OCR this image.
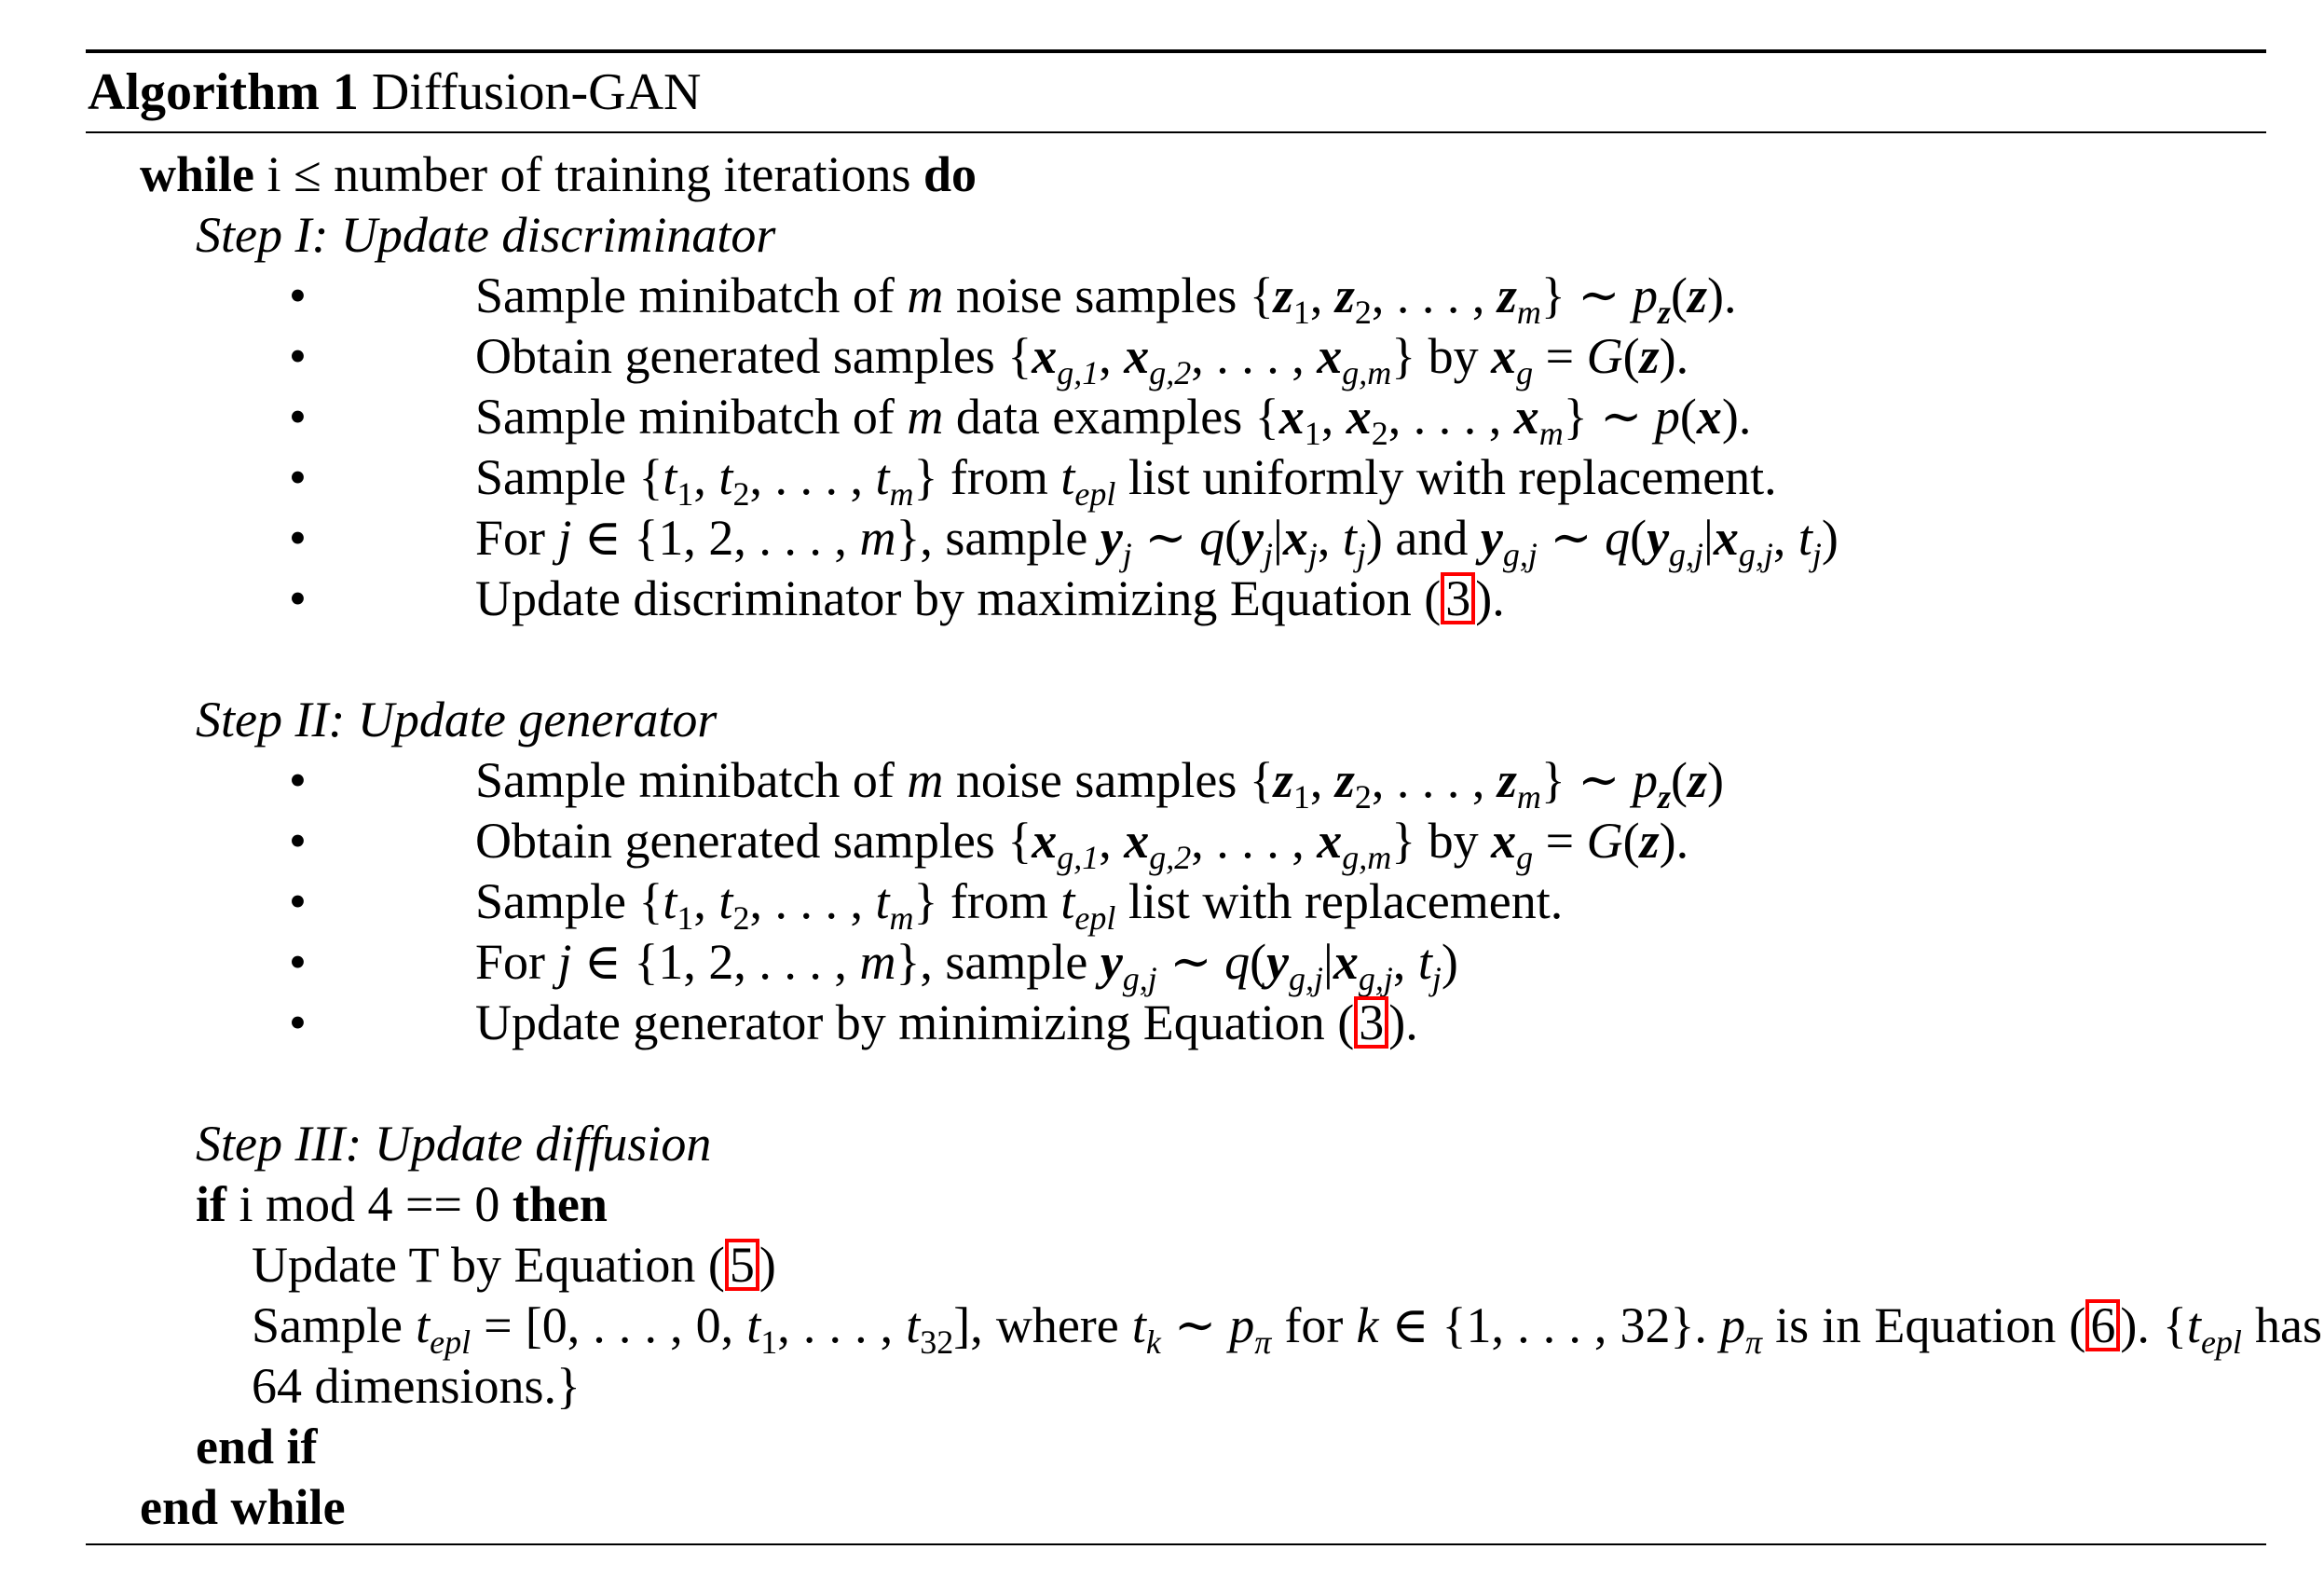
Algorithm 1 Diffusion-GAN
while i ≤ number of training iterations do
Step I: Update discriminator
•	Sample minibatch of m noise samples {$z_1$, $z_2$, . . . , $z_m$} ∼ $p_z(z)$.
•	Obtain generated samples {$x_{g,1}$, $x_{g,2}$, . . . , $x_{g,m}$} by $x_g = G(z)$.
•	Sample minibatch of m data examples {$x_1$, $x_2$, . . . , $x_m$} ∼ p(x).
•	Sample {$t_1$, $t_2$, . . . , $t_m$} from $t_{epl}$ list uniformly with replacement.
•	For j ∈ {1, 2, . . . , m}, sample $y_j$ ∼ $q(y_j|x_j$, $t_j$) and $y_{g,j}$ ∼ $q(y_{g,j}|x_{g,j}$, $t_j$)
•	Update discriminator by maximizing Equation (3).
Step II: Update generator
•	Sample minibatch of m noise samples {$z_1$, $z_2$, . . . , $z_m$} ∼ $p_z(z)$
•	Obtain generated samples {$x_{g,1}$, $x_{g,2}$, . . . , $x_{g,m}$} by $x_g = G(z)$.
•	Sample {$t_1$, $t_2$, . . . , $t_m$} from $t_{epl}$ list with replacement.
•	For j ∈ {1, 2, . . . , m}, sample $y_{g,j}$ ∼ $q(y_{g,j}|x_{g,j}$, $t_j$)
•	Update generator by minimizing Equation (3).
Step III: Update diffusion
if i mod 4 == 0 then
Update T by Equation (5)
Sample $t_{epl} = [0$, . . . , 0, $t_1$, . . . , $t_{32}$], where $t_k$ ∼ $p_\pi$ for k ∈ {1, . . . , 32}. $p_\pi$ is in Equation (6). {$t_{epl}$ has 64 dimensions.}
end if
end while
